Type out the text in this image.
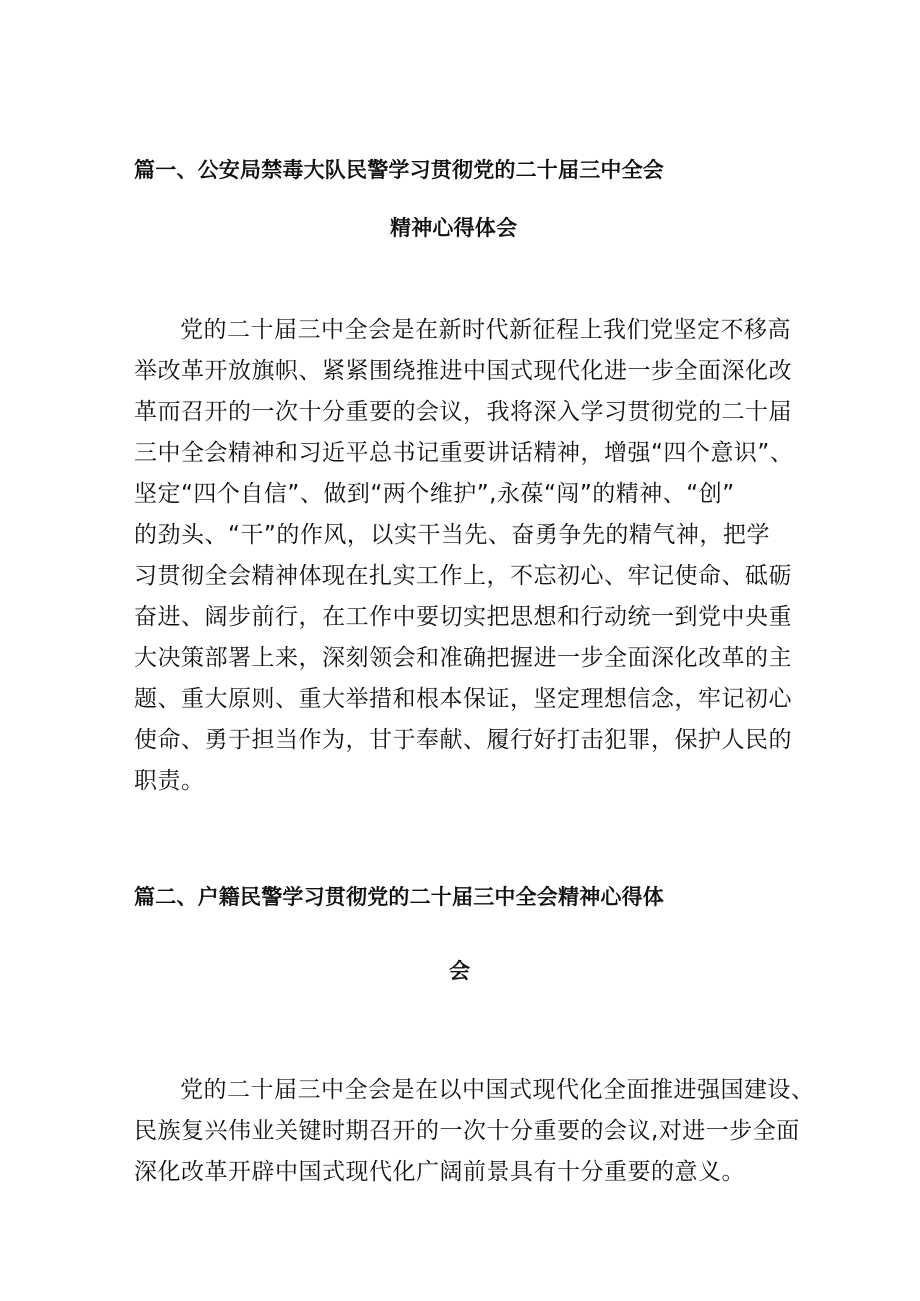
篇一、公安局禁毒大队民警学习贯彻党的二十届三中全会
精神心得体会
党的二十届三中全会是在新时代新征程上我们党坚定不移高
举改革开放旗帜、紧紧围绕推进中国式现代化进一步全面深化改
革而召开的一次十分重要的会议，我将深入学习贯彻党的二十届
三中全会精神和习近平总书记重要讲话精神，增强“四个意识”、
坚定“四个自信”、做到“两个维护”,永葆“闯”的精神、“创”
的劲头、“干”的作风，以实干当先、奋勇争先的精气神，把学
习贯彻全会精神体现在扎实工作上，不忘初心、牢记使命、砥砺
奋进、阔步前行，在工作中要切实把思想和行动统一到党中央重
大决策部署上来，深刻领会和准确把握进一步全面深化改革的主
题、重大原则、重大举措和根本保证，坚定理想信念，牢记初心
使命、勇于担当作为，甘于奉献、履行好打击犯罪，保护人民的
职责。
篇二、户籍民警学习贯彻党的二十届三中全会精神心得体
会
党的二十届三中全会是在以中国式现代化全面推进强国建设、
民族复兴伟业关键时期召开的一次十分重要的会议,对进一步全面
深化改革开辟中国式现代化广阔前景具有十分重要的意义。
